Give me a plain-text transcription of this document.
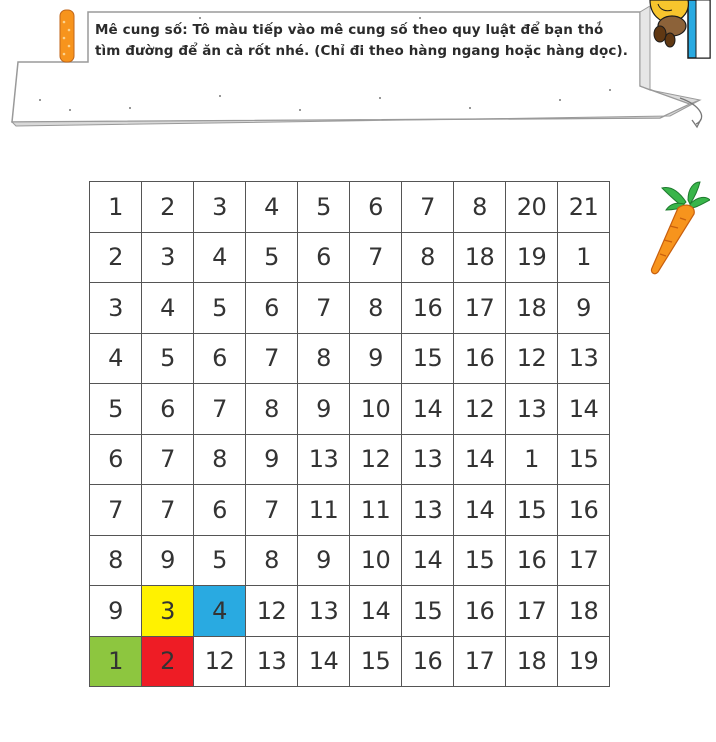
Mê cung số: Tô màu tiếp vào mê cung số theo quy luật để bạn thỏ tìm đường để ăn cà rốt nhé. (Chỉ đi theo hàng ngang hoặc hàng dọc).
1	2	3	4	5	6	7	8	20	21
2	3	4	5	6	7	8	18	19	1
3	4	5	6	7	8	16	17	18	9
4	5	6	7	8	9	15	16	12	13
5	6	7	8	9	10	14	12	13	14
6	7	8	9	13	12	13	14	1	15
7	7	6	7	11	11	13	14	15	16
8	9	5	8	9	10	14	15	16	17
9	3	4	12	13	14	15	16	17	18
1	2	12	13	14	15	16	17	18	19
